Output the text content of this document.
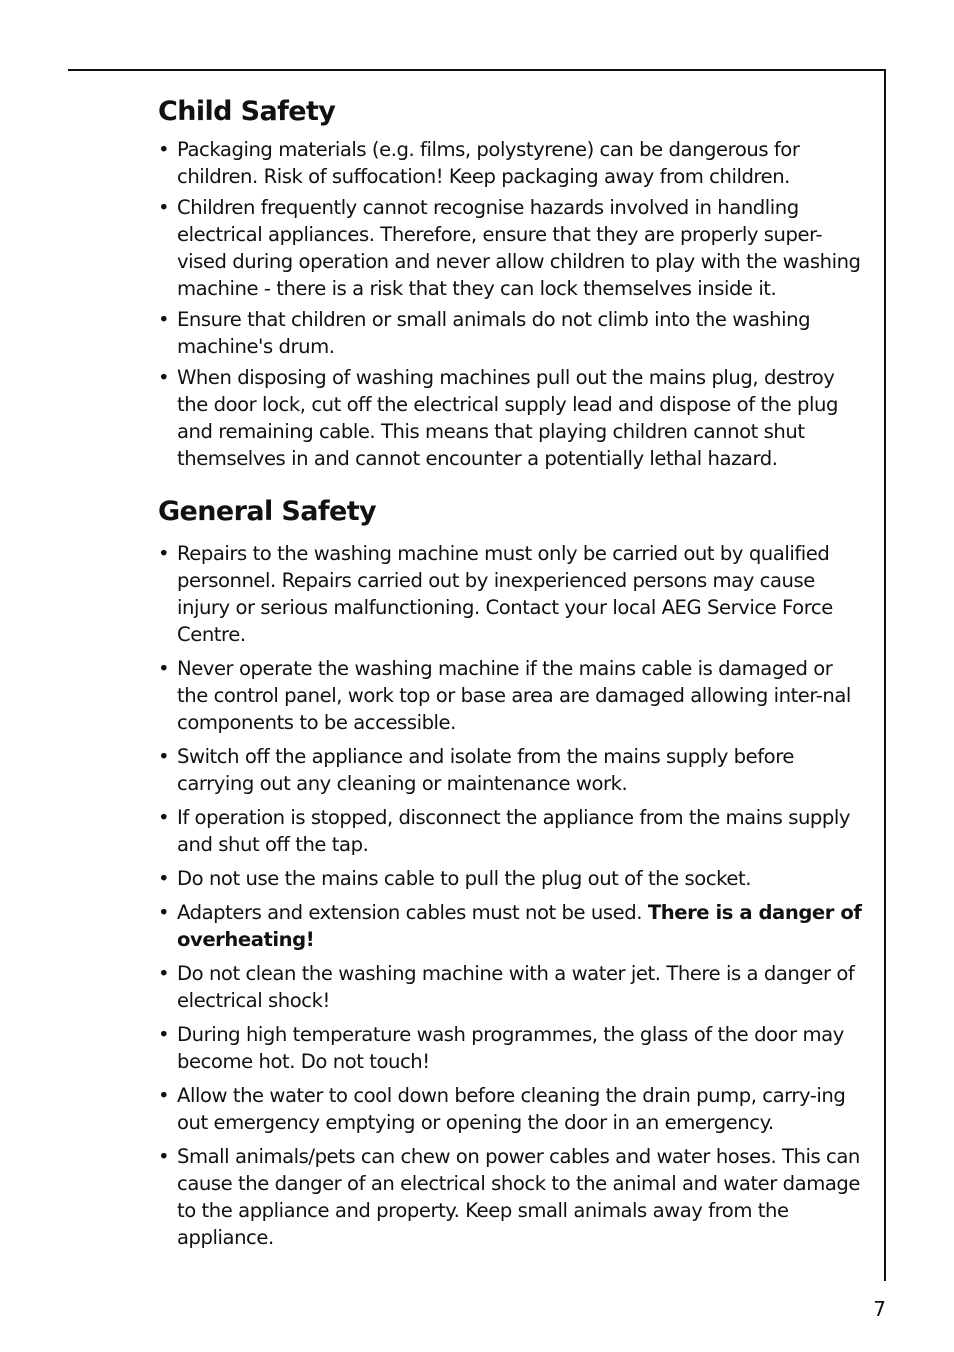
Child Safety
• Packaging materials (e.g. films, polystyrene) can be dangerous for children. Risk of suffocation! Keep packaging away from children.
• Children frequently cannot recognise hazards involved in handling electrical appliances. Therefore, ensure that they are properly super-vised during operation and never allow children to play with the washing machine - there is a risk that they can lock themselves inside it.
• Ensure that children or small animals do not climb into the washing machine's drum.
• When disposing of washing machines pull out the mains plug, destroy the door lock, cut off the electrical supply lead and dispose of the plug and remaining cable. This means that playing children cannot shut themselves in and cannot encounter a potentially lethal hazard.
General Safety
• Repairs to the washing machine must only be carried out by qualified personnel. Repairs carried out by inexperienced persons may cause injury or serious malfunctioning. Contact your local AEG Service Force Centre.
• Never operate the washing machine if the mains cable is damaged or the control panel, work top or base area are damaged allowing inter-nal components to be accessible.
• Switch off the appliance and isolate from the mains supply before carrying out any cleaning or maintenance work.
• If operation is stopped, disconnect the appliance from the mains supply and shut off the tap.
• Do not use the mains cable to pull the plug out of the socket.
• Adapters and extension cables must not be used. There is a danger of overheating!
• Do not clean the washing machine with a water jet. There is a danger of electrical shock!
• During high temperature wash programmes, the glass of the door may become hot. Do not touch!
• Allow the water to cool down before cleaning the drain pump, carry-ing out emergency emptying or opening the door in an emergency.
• Small animals/pets can chew on power cables and water hoses. This can cause the danger of an electrical shock to the animal and water damage to the appliance and property. Keep small animals away from the appliance.
7
